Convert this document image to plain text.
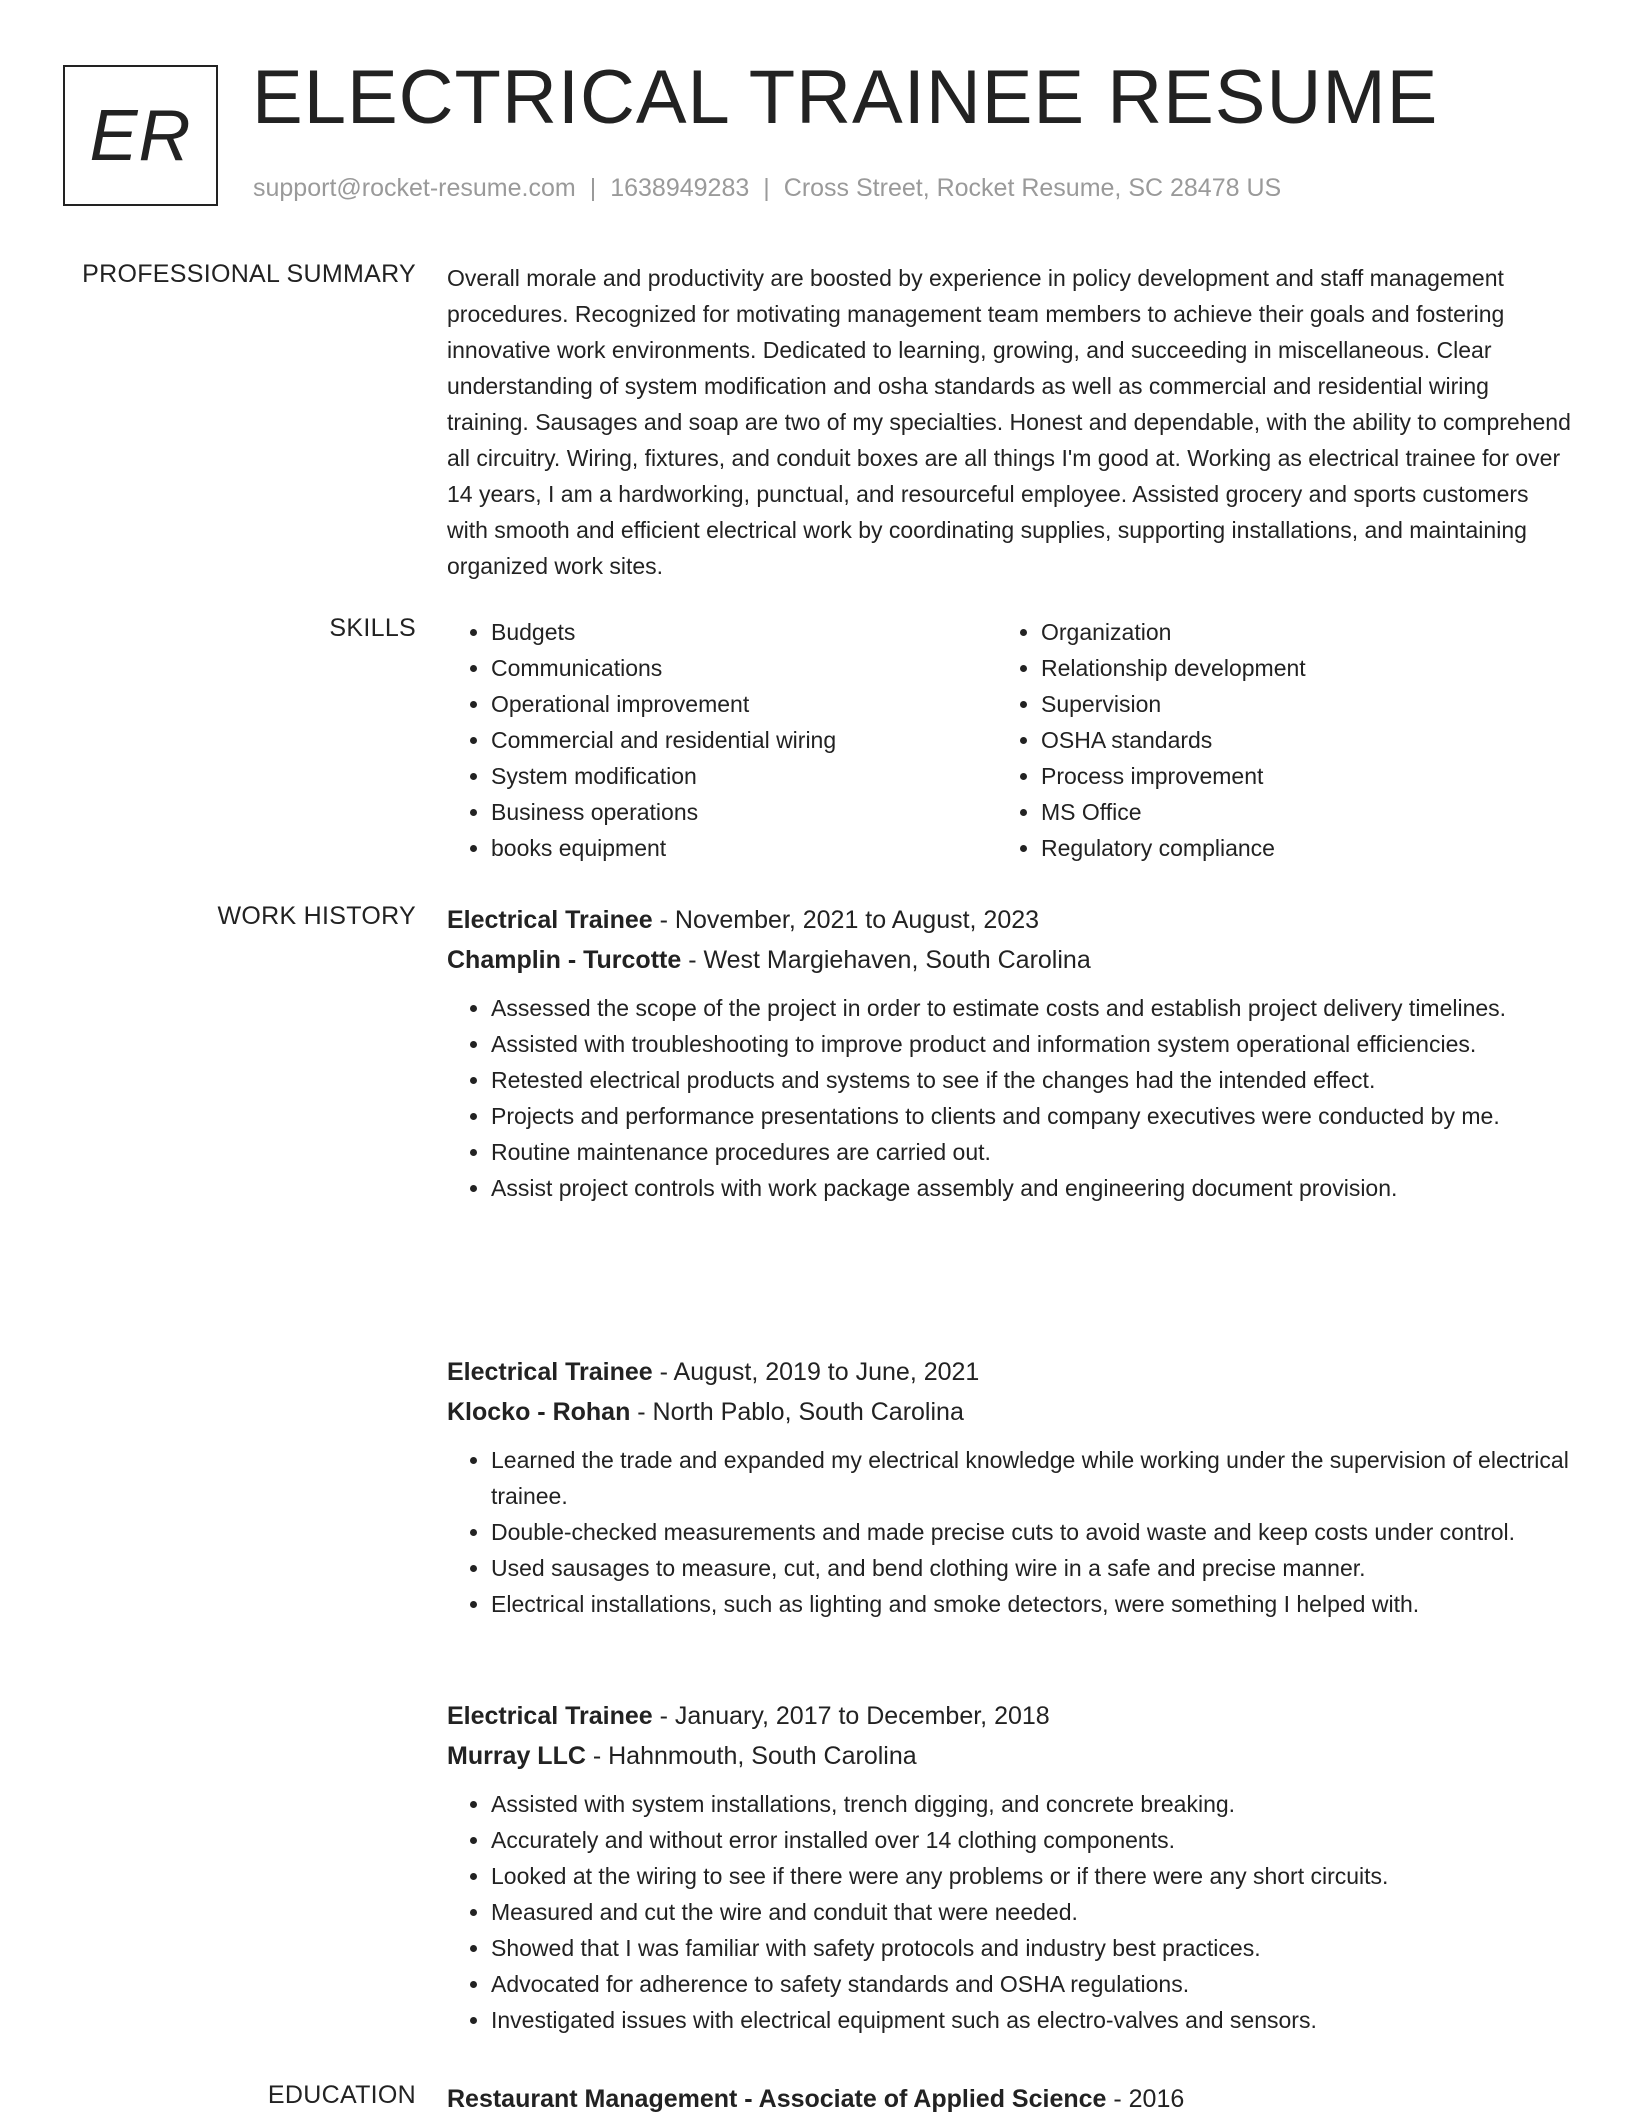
ER ELECTRICAL TRAINEE RESUME
support@rocket-resume.com | 1638949283 | Cross Street, Rocket Resume, SC 28478 US
PROFESSIONAL SUMMARY Overall morale and productivity are boosted by experience in policy development and staff management procedures. Recognized for motivating management team members to achieve their goals and fostering innovative work environments. Dedicated to learning, growing, and succeeding in miscellaneous. Clear understanding of system modification and osha standards as well as commercial and residential wiring training. Sausages and soap are two of my specialties. Honest and dependable, with the ability to comprehend all circuitry. Wiring, fixtures, and conduit boxes are all things I'm good at. Working as electrical trainee for over 14 years, I am a hardworking, punctual, and resourceful employee. Assisted grocery and sports customers with smooth and efficient electrical work by coordinating supplies, supporting installations, and maintaining organized work sites.

SKILLS
•	Budgets
• Communications
• Operational improvement
• Commercial and residential wiring
• System modification
• Business operations
• books equipment
• Organization
• Relationship development
• Supervision
• OSHA standards
• Process improvement
• MS Office
• Regulatory compliance
WORK HISTORY Electrical Trainee - November, 2021 to August, 2023
Champlin - Turcotte - West Margiehaven, South Carolina
• Assessed the scope of the project in order to estimate costs and establish project delivery timelines.
• Assisted with troubleshooting to improve product and information system operational efficiencies.
• Retested electrical products and systems to see if the changes had the intended effect.
• Projects and performance presentations to clients and company executives were conducted by me.
• Routine maintenance procedures are carried out.
• Assist project controls with work package assembly and engineering document provision.
Electrical Trainee - August, 2019 to June, 2021
Klocko - Rohan - North Pablo, South Carolina
• Learned the trade and expanded my electrical knowledge while working under the supervision of electrical trainee.
• Double-checked measurements and made precise cuts to avoid waste and keep costs under control.
• Used sausages to measure, cut, and bend clothing wire in a safe and precise manner.
• Electrical installations, such as lighting and smoke detectors, were something I helped with.
Electrical Trainee - January, 2017 to December, 2018
Murray LLC - Hahnmouth, South Carolina
• Assisted with system installations, trench digging, and concrete breaking.
• Accurately and without error installed over 14 clothing components.
• Looked at the wiring to see if there were any problems or if there were any short circuits.
• Measured and cut the wire and conduit that were needed.
• Showed that I was familiar with safety protocols and industry best practices.
• Advocated for adherence to safety standards and OSHA regulations.
• Investigated issues with electrical equipment such as electro-valves and sensors.
EDUCATION Restaurant Management - Associate of Applied Science - 2016
